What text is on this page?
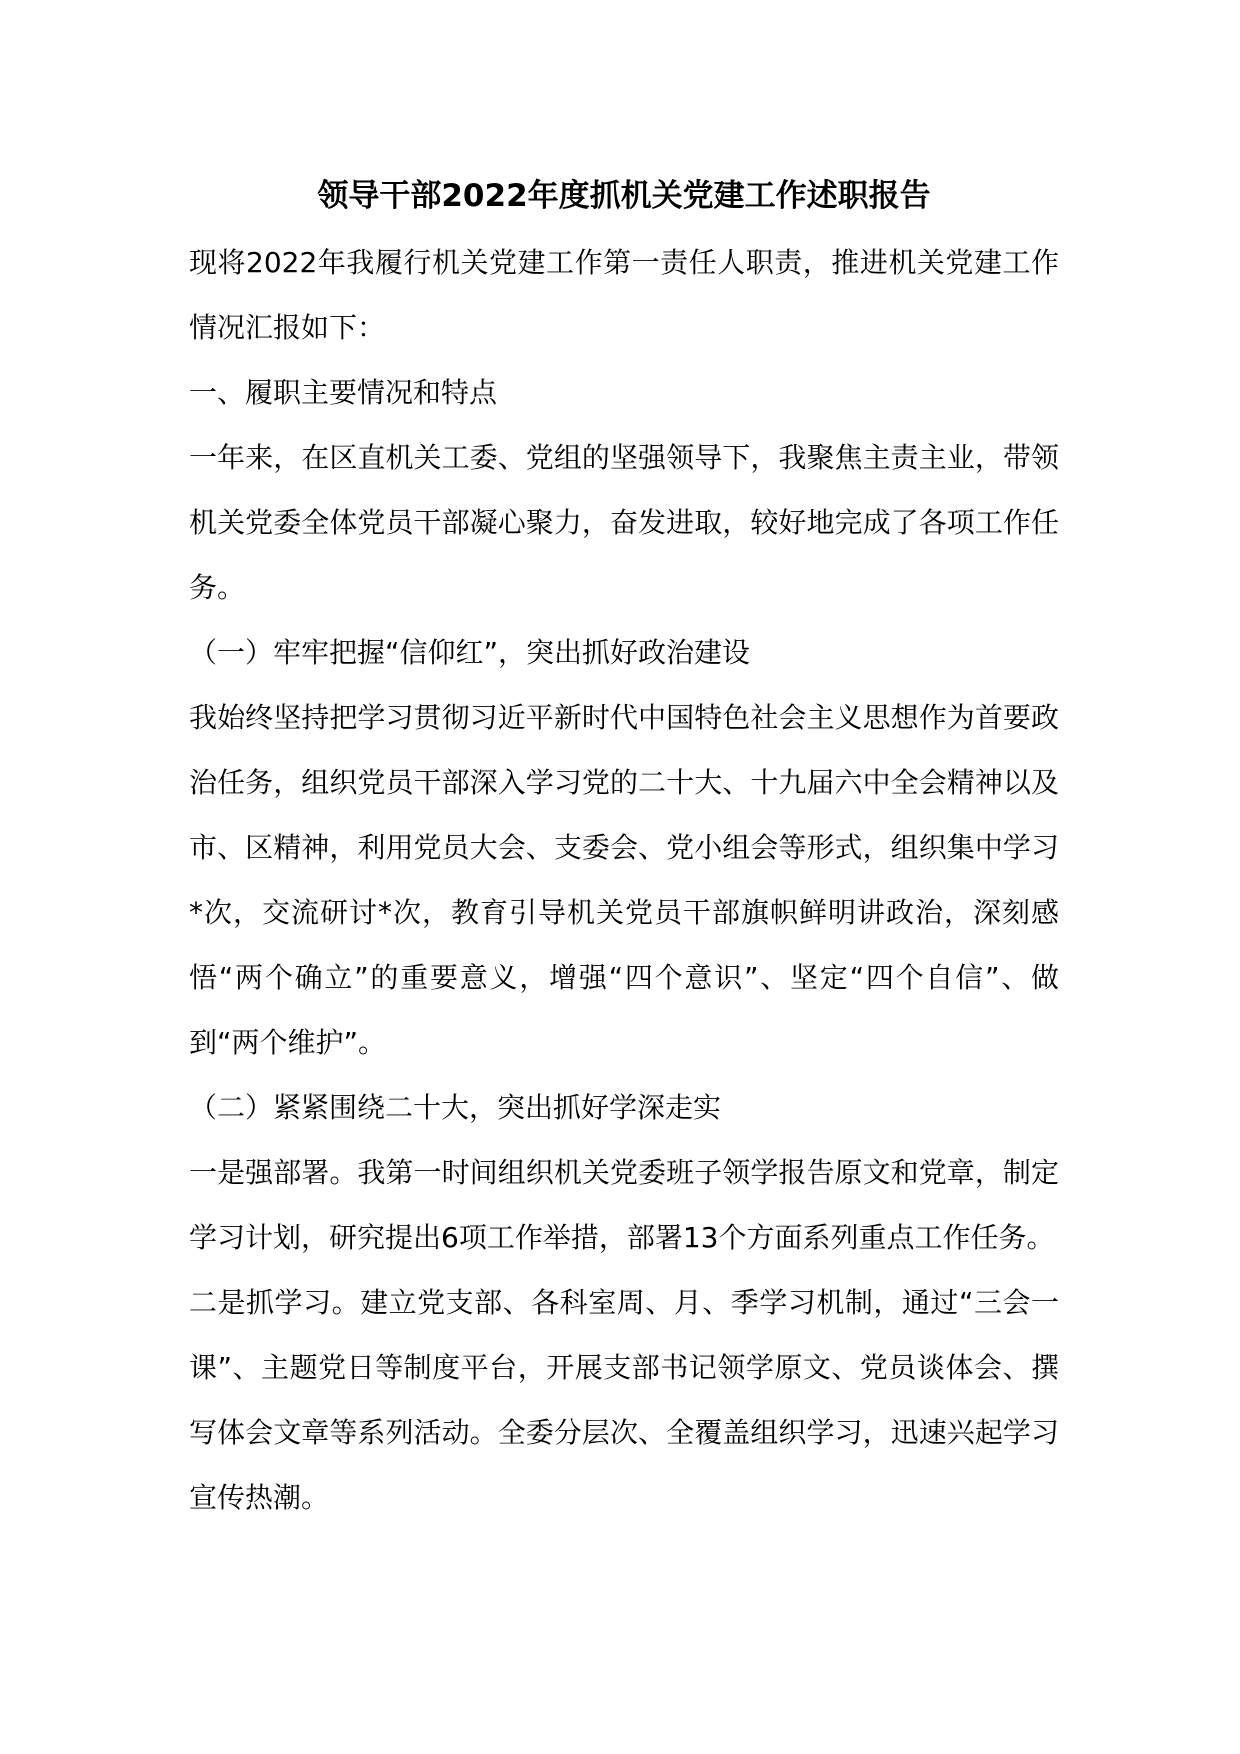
领导干部2022年度抓机关党建工作述职报告

现将2022年我履行机关党建工作第一责任人职责，推进机关党建工作情况汇报如下：

一、履职主要情况和特点

一年来，在区直机关工委、党组的坚强领导下，我聚焦主责主业，带领机关党委全体党员干部凝心聚力，奋发进取，较好地完成了各项工作任务。

（一）牢牢把握“信仰红”，突出抓好政治建设

我始终坚持把学习贯彻习近平新时代中国特色社会主义思想作为首要政治任务，组织党员干部深入学习党的二十大、十九届六中全会精神以及市、区精神，利用党员大会、支委会、党小组会等形式，组织集中学习*次，交流研讨*次，教育引导机关党员干部旗帜鲜明讲政治，深刻感悟“两个确立”的重要意义，增强“四个意识”、坚定“四个自信”、做到“两个维护”。

（二）紧紧围绕二十大，突出抓好学深走实

一是强部署。我第一时间组织机关党委班子领学报告原文和党章，制定学习计划，研究提出6项工作举措，部署13个方面系列重点工作任务。

二是抓学习。建立党支部、各科室周、月、季学习机制，通过“三会一课”、主题党日等制度平台，开展支部书记领学原文、党员谈体会、撰写体会文章等系列活动。全委分层次、全覆盖组织学习，迅速兴起学习宣传热潮。
